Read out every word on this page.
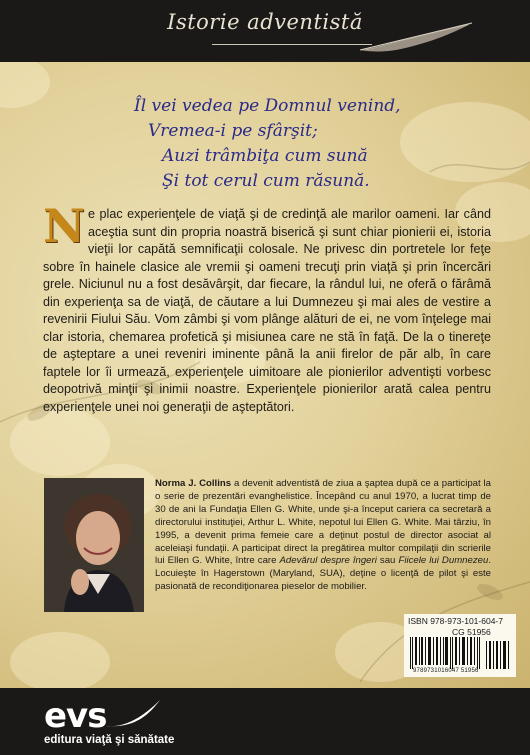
Istorie adventistă
Îl vei vedea pe Domnul venind,
Vremea-i pe sfârşit;
Auzi trâmbiţa cum sună
Şi tot cerul cum răsună.
Ne plac experienţele de viaţă şi de credinţă ale marilor oameni. Iar când aceştia sunt din propria noastră biserică şi sunt chiar pionierii ei, istoria vieţii lor capătă semnificaţii colosale. Ne privesc din portretele lor feţe sobre în hainele clasice ale vremii şi oameni trecuţi prin viaţă şi prin încercări grele. Niciunul nu a fost desăvârşit, dar fiecare, la rândul lui, ne oferă o fărâmă din experienţa sa de viaţă, de căutare a lui Dumnezeu şi mai ales de vestire a revenirii Fiului Său. Vom zâmbi şi vom plânge alături de ei, ne vom înţelege mai clar istoria, chemarea profetică şi misiunea care ne stă în faţă. De la o tinereţe de aşteptare a unei reveniri iminente până la anii firelor de păr alb, în care faptele lor îi urmează, experienţele uimitoare ale pionierilor adventişti vorbesc deopotrivă minţii şi inimii noastre. Experienţele pionierilor arată calea pentru experienţele unei noi generaţii de aşteptători.
Norma J. Collins a devenit adventistă de ziua a şaptea după ce a participat la o serie de prezentări evanghelistice. Începând cu anul 1970, a lucrat timp de 30 de ani la Fundaţia Ellen G. White, unde şi-a început cariera ca secretară a directorului instituţiei, Arthur L. White, nepotul lui Ellen G. White. Mai târziu, în 1995, a devenit prima femeie care a deţinut postul de director asociat al aceleiaşi fundaţii. A participat direct la pregătirea multor compilaţii din scrierile lui Ellen G. White, între care Adevărul despre îngeri sau Fiicele lui Dumnezeu. Locuieşte în Hagerstown (Maryland, SUA), deţine o licenţă de pilot şi este pasionată de recondiţionarea pieselor de mobilier.
ISBN 978-973-101-604-7
CG 51956
9789731016047 51956
evs
editura viaţă şi sănătate
